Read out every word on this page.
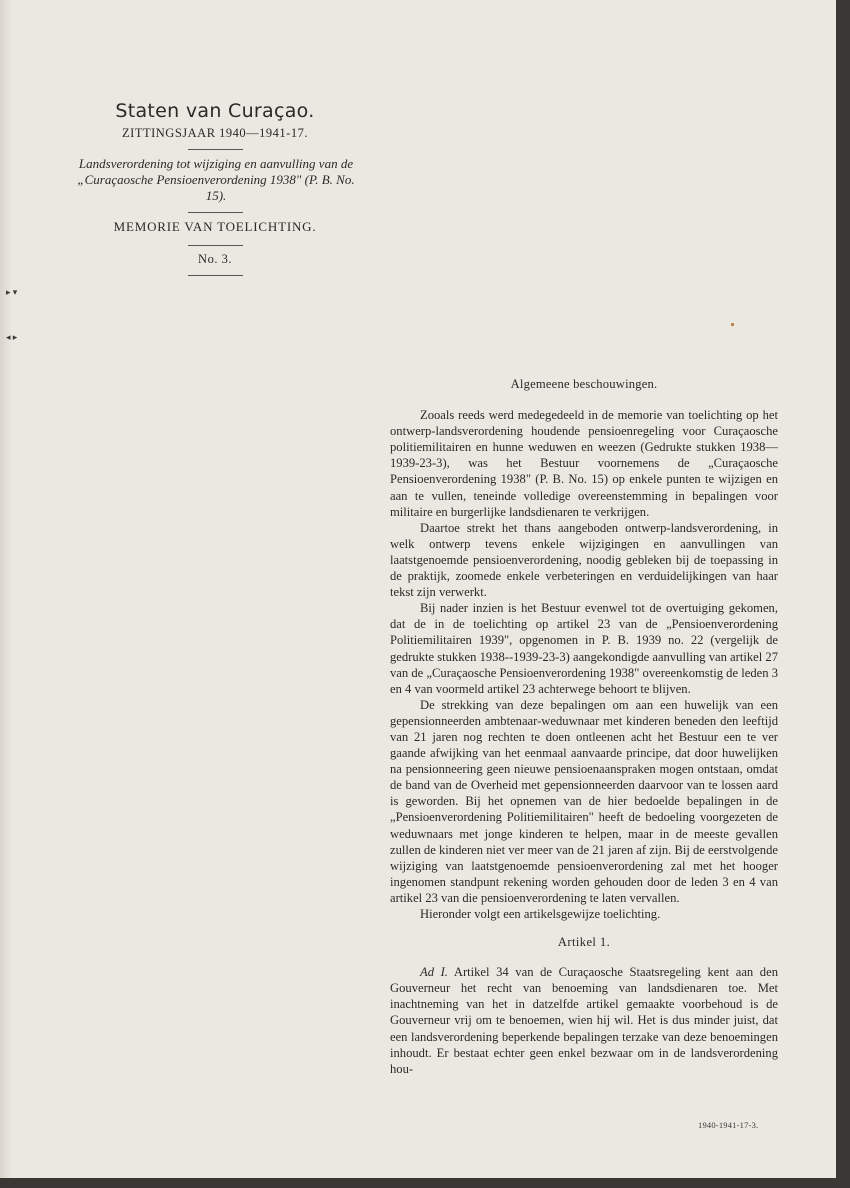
▸ ▾
◂ ▸
Staten van Curaçao.
ZITTINGSJAAR 1940—1941-17.
Landsverordening tot wijziging en aanvulling van de „Curaçaosche Pensioenverordening 1938" (P. B. No. 15).
MEMORIE VAN TOELICHTING.
No. 3.
Algemeene beschouwingen.

Zooals reeds werd medegedeeld in de memorie van toelichting op het ontwerp-landsverordening houdende pensioenregeling voor Curaçaosche politiemilitairen en hunne weduwen en weezen (Gedrukte stukken 1938—1939-23-3), was het Bestuur voornemens de „Curaçaosche Pensioenverordening 1938" (P. B. No. 15) op enkele punten te wijzigen en aan te vullen, teneinde volledige overeenstemming in bepalingen voor militaire en burgerlijke landsdienaren te verkrijgen.

Daartoe strekt het thans aangeboden ontwerp-landsverordening, in welk ontwerp tevens enkele wijzigingen en aanvullingen van laatstgenoemde pensioenverordening, noodig gebleken bij de toepassing in de praktijk, zoomede enkele verbeteringen en verduidelijkingen van haar tekst zijn verwerkt.

Bij nader inzien is het Bestuur evenwel tot de overtuiging gekomen, dat de in de toelichting op artikel 23 van de „Pensioenverordening Politiemilitairen 1939", opgenomen in P. B. 1939 no. 22 (vergelijk de gedrukte stukken 1938--1939-23-3) aangekondigde aanvulling van artikel 27 van de „Curaçaosche Pensioenverordening 1938" overeenkomstig de leden 3 en 4 van voormeld artikel 23 achterwege behoort te blijven.

De strekking van deze bepalingen om aan een huwelijk van een gepensionneerden ambtenaar-weduwnaar met kinderen beneden den leeftijd van 21 jaren nog rechten te doen ontleenen acht het Bestuur een te ver gaande afwijking van het eenmaal aanvaarde principe, dat door huwelijken na pensionneering geen nieuwe pensioenaanspraken mogen ontstaan, omdat de band van de Overheid met gepensionneerden daarvoor van te lossen aard is geworden. Bij het opnemen van de hier bedoelde bepalingen in de „Pensioenverordening Politiemilitairen" heeft de bedoeling voorgezeten de weduwnaars met jonge kinderen te helpen, maar in de meeste gevallen zullen de kinderen niet ver meer van de 21 jaren af zijn. Bij de eerstvolgende wijziging van laatstgenoemde pensioenverordening zal met het hooger ingenomen standpunt rekening worden gehouden door de leden 3 en 4 van artikel 23 van die pensioenverordening te laten vervallen.

Hieronder volgt een artikelsgewijze toelichting.

Artikel 1.

Ad I. Artikel 34 van de Curaçaosche Staatsregeling kent aan den Gouverneur het recht van benoeming van landsdienaren toe. Met inachtneming van het in datzelfde artikel gemaakte voorbehoud is de Gouverneur vrij om te benoemen, wien hij wil. Het is dus minder juist, dat een landsverordening beperkende bepalingen terzake van deze benoemingen inhoudt. Er bestaat echter geen enkel bezwaar om in de landsverordening hou-

1940-1941-17-3.
